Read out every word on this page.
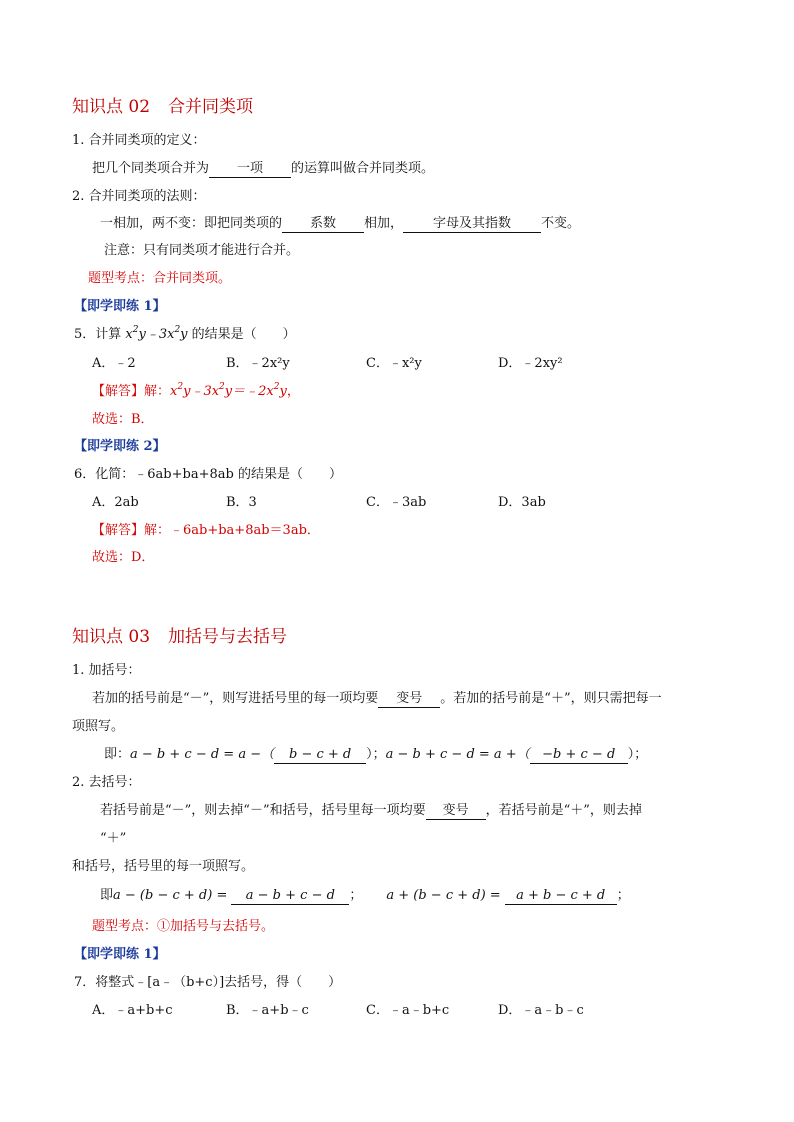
知识点 02 合并同类项
1. 合并同类项的定义：
把几个同类项合并为 一项 的运算叫做合并同类项。
2. 合并同类项的法则：
一相加，两不变：即把同类项的 系数 相加， 字母及其指数 不变。
注意：只有同类项才能进行合并。
题型考点：合并同类项。
【即学即练 1】
5．计算 $x^2y﹣3x^2y$ 的结果是（　　）
A．﹣2	B．﹣2x²y	C．﹣x²y	D．﹣2xy²
【解答】解：$x^2y﹣3x^2y=﹣2x^2y$，
故选：B．
【即学即练 2】
6．化简：﹣6ab+ba+8ab 的结果是（　　）
A．2ab	B．3	C．﹣3ab	D．3ab
【解答】解：﹣6ab+ba+8ab＝3ab．
故选：D．
知识点 03 加括号与去括号
1. 加括号：
若加的括号前是“－”，则写进括号里的每一项均要 变号 。若加的括号前是“＋”，则只需把每一
项照写。
即：a − b + c − d = a −（ b − c + d ）；a − b + c − d = a +（ −b + c − d ）；
2. 去括号：
若括号前是“－”，则去掉“－”和括号，括号里每一项均要 变号 ，若括号前是“＋”，则去掉
“＋”
和括号，括号里的每一项照写。
即a − (b − c + d) = a − b + c − d ； a + (b − c + d) = a + b − c + d ；
题型考点：①加括号与去括号。
【即学即练 1】
7．将整式﹣[a﹣（b+c）]去括号，得（　　）
A．﹣a+b+c	B．﹣a+b﹣c	C．﹣a﹣b+c	D．﹣a﹣b﹣c
